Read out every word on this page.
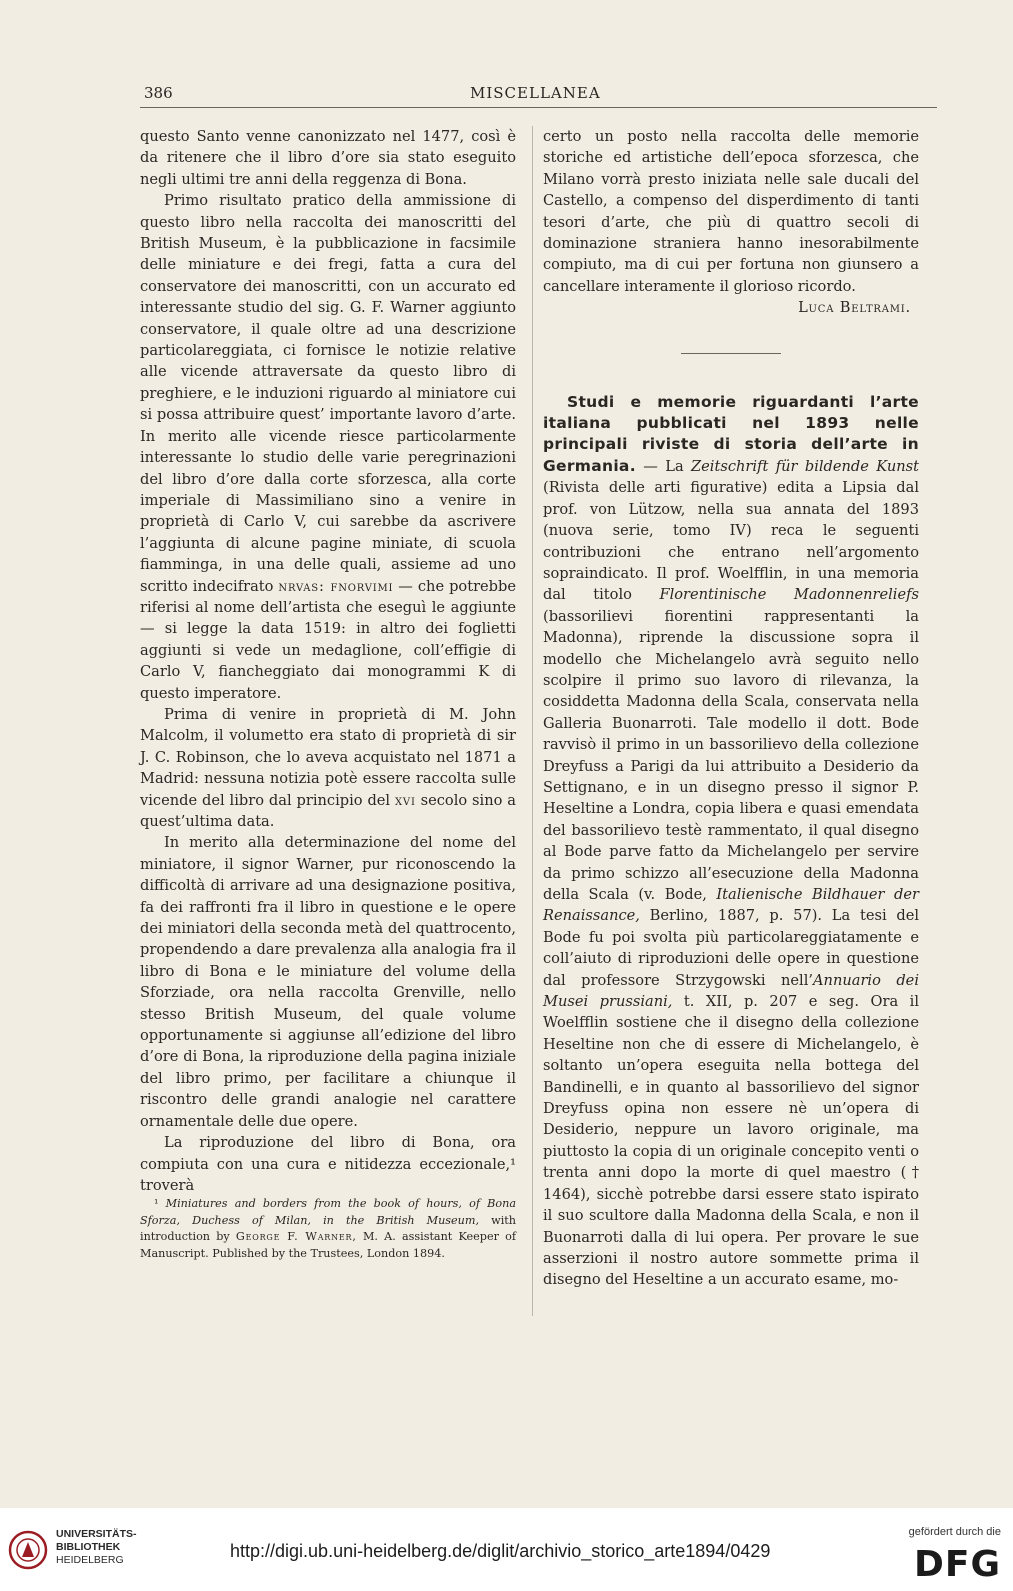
386	MISCELLANEA

questo Santo venne canonizzato nel 1477, così è da ritenere che il libro d’ore sia stato eseguito negli ultimi tre anni della reggenza di Bona.

Primo risultato pratico della ammissione di questo libro nella raccolta dei manoscritti del British Museum, è la pubblicazione in facsimile delle miniature e dei fregi, fatta a cura del conservatore dei manoscritti, con un accurato ed interessante studio del sig. G. F. Warner aggiunto conservatore, il quale oltre ad una descrizione particolareggiata, ci fornisce le notizie relative alle vicende attraversate da questo libro di preghiere, e le induzioni riguardo al miniatore cui si possa attribuire quest’ importante lavoro d’arte. In merito alle vicende riesce particolarmente interessante lo studio delle varie peregrinazioni del libro d’ore dalla corte sforzesca, alla corte imperiale di Massimiliano sino a venire in proprietà di Carlo V, cui sarebbe da ascrivere l’aggiunta di alcune pagine miniate, di scuola fiamminga, in una delle quali, assieme ad uno scritto indecifrato nrvas: fnorvimi — che potrebbe riferisi al nome dell’artista che eseguì le aggiunte — si legge la data 1519: in altro dei foglietti aggiunti si vede un medaglione, coll’effigie di Carlo V, fiancheggiato dai monogrammi K di questo imperatore.

Prima di venire in proprietà di M. John Malcolm, il volumetto era stato di proprietà di sir J. C. Robinson, che lo aveva acquistato nel 1871 a Madrid: nessuna notizia potè essere raccolta sulle vicende del libro dal principio del xvi secolo sino a quest’ultima data.

In merito alla determinazione del nome del miniatore, il signor Warner, pur riconoscendo la difficoltà di arrivare ad una designazione positiva, fa dei raffronti fra il libro in questione e le opere dei miniatori della seconda metà del quattrocento, propendendo a dare prevalenza alla analogia fra il libro di Bona e le miniature del volume della Sforziade, ora nella raccolta Grenville, nello stesso British Museum, del quale volume opportunamente si aggiunse all’edizione del libro d’ore di Bona, la riproduzione della pagina iniziale del libro primo, per facilitare a chiunque il riscontro delle grandi analogie nel carattere ornamentale delle due opere.

La riproduzione del libro di Bona, ora compiuta con una cura e nitidezza eccezionale,¹ troverà

¹ Miniatures and borders from the book of hours, of Bona Sforza, Duchess of Milan, in the British Museum, with introduction by George F. Warner, M. A. assistant Keeper of Manuscript. Published by the Trustees, London 1894.

certo un posto nella raccolta delle memorie storiche ed artistiche dell’epoca sforzesca, che Milano vorrà presto iniziata nelle sale ducali del Castello, a compenso del disperdimento di tanti tesori d’arte, che più di quattro secoli di dominazione straniera hanno inesorabilmente compiuto, ma di cui per fortuna non giunsero a cancellare interamente il glorioso ricordo.

Luca Beltrami.

Studi e memorie riguardanti l’arte italiana pubblicati nel 1893 nelle principali riviste di storia dell’arte in Germania. — La Zeitschrift für bildende Kunst (Rivista delle arti figurative) edita a Lipsia dal prof. von Lützow, nella sua annata del 1893 (nuova serie, tomo IV) reca le seguenti contribuzioni che entrano nell’argomento sopraindicato. Il prof. Woelfflin, in una memoria dal titolo Florentinische Madonnenreliefs (bassorilievi fiorentini rappresentanti la Madonna), riprende la discussione sopra il modello che Michelangelo avrà seguito nello scolpire il primo suo lavoro di rilevanza, la cosiddetta Madonna della Scala, conservata nella Galleria Buonarroti. Tale modello il dott. Bode ravvisò il primo in un bassorilievo della collezione Dreyfuss a Parigi da lui attribuito a Desiderio da Settignano, e in un disegno presso il signor P. Heseltine a Londra, copia libera e quasi emendata del bassorilievo testè rammentato, il qual disegno al Bode parve fatto da Michelangelo per servire da primo schizzo all’esecuzione della Madonna della Scala (v. Bode, Italienische Bildhauer der Renaissance, Berlino, 1887, p. 57). La tesi del Bode fu poi svolta più particolareggiatamente e coll’aiuto di riproduzioni delle opere in questione dal professore Strzygowski nell’Annuario dei Musei prussiani, t. XII, p. 207 e seg. Ora il Woelfflin sostiene che il disegno della collezione Heseltine non che di essere di Michelangelo, è soltanto un’opera eseguita nella bottega del Bandinelli, e in quanto al bassorilievo del signor Dreyfuss opina non essere nè un’opera di Desiderio, neppure un lavoro originale, ma piuttosto la copia di un originale concepito venti o trenta anni dopo la morte di quel maestro († 1464), sicchè potrebbe darsi essere stato ispirato il suo scultore dalla Madonna della Scala, e non il Buonarroti dalla di lui opera. Per provare le sue asserzioni il nostro autore sommette prima il disegno del Heseltine a un accurato esame, mo-

UNIVERSITÄTS-
BIBLIOTHEK
HEIDELBERG	http://digi.ub.uni-heidelberg.de/diglit/archivio_storico_arte1894/0429
gefördert durch die
DFG
